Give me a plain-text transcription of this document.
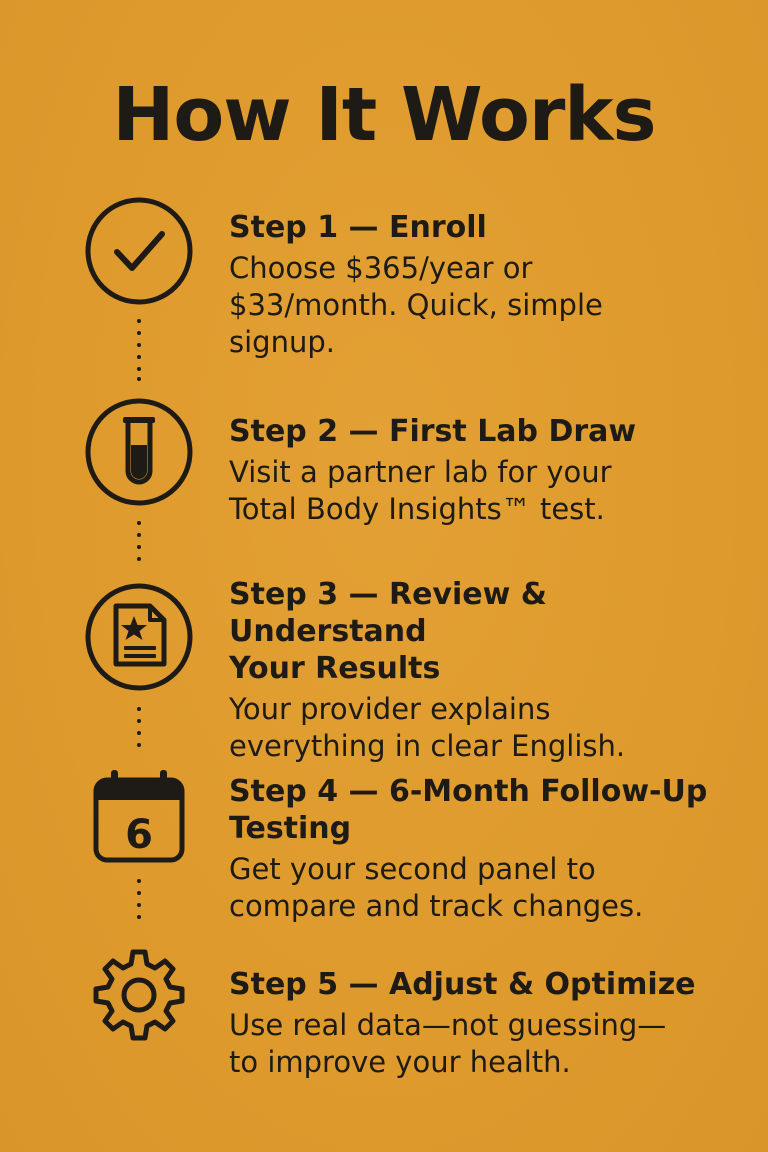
How It Works

Step 1 — Enroll

Choose $365/year or
$33/month. Quick, simple
signup.

Step 2 — First Lab Draw

Visit a partner lab for your
Total Body Insights™ test.

Step 3 — Review & Understand
Your Results

Your provider explains
everything in clear English.

6

Step 4 — 6-Month Follow-Up
Testing

Get your second panel to
compare and track changes.

Step 5 — Adjust & Optimize

Use real data—not guessing—
to improve your health.
